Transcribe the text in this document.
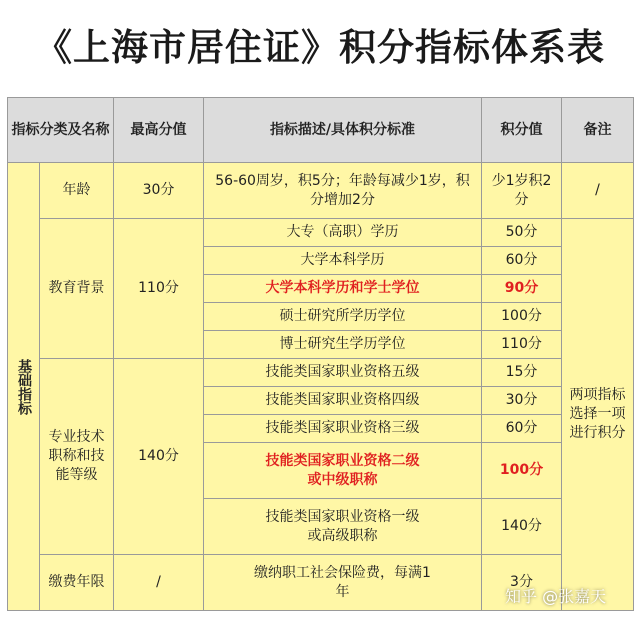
《上海市居住证》积分指标体系表
指标分类及名称		最高分值	指标描述/具体积分标准	积分值	备注	
基础指标	年龄	30分	56-60周岁，积5分；年龄每减少1岁，积分增加2分	少1岁积2分	/	
	教育背景	110分	大专（高职）学历	50分	两项指标选择一项进行积分	
			大学本科学历	60分		
			大学本科学历和学士学位	90分		
			硕士研究所学历学位	100分		
			博士研究生学历学位	110分		
	专业技术职称和技能等级	140分	技能类国家职业资格五级	15分		
			技能类国家职业资格四级	30分		
			技能类国家职业资格三级	60分		
			技能类国家职业资格二级或中级职称	100分		
			技能类国家职业资格一级或高级职称	140分		
	缴费年限	/	缴纳职工社会保险费，每满1年	3分		
知乎 @张嘉天
